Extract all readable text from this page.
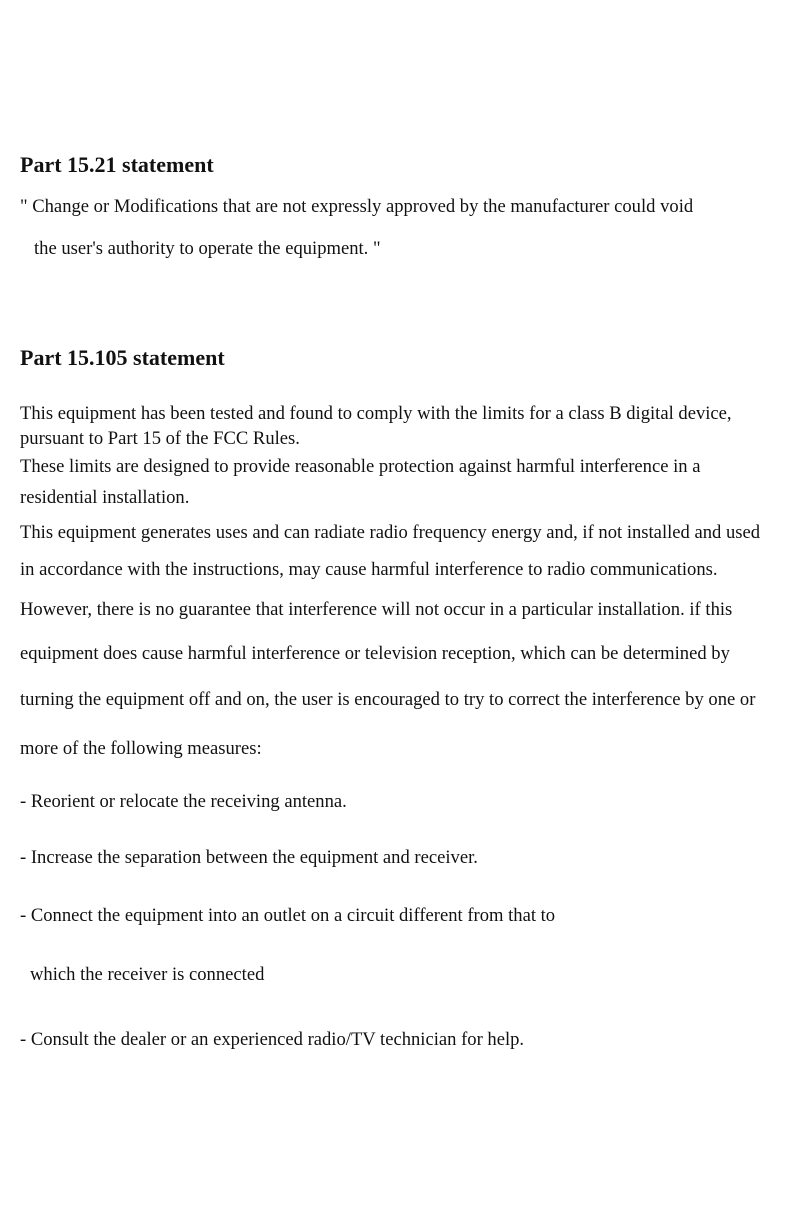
Part 15.21 statement
" Change or Modifications that are not expressly approved by the manufacturer could void
the user's authority to operate the equipment. "
Part 15.105 statement
This equipment has been tested and found to comply with the limits for a class B digital device,
pursuant to Part 15 of the FCC Rules.
These limits are designed to provide reasonable protection against harmful interference in a
residential installation.
This equipment generates uses and can radiate radio frequency energy and, if not installed and used
in accordance with the instructions, may cause harmful interference to radio communications.
However, there is no guarantee that interference will not occur in a particular installation. if this
equipment does cause harmful interference or television reception, which can be determined by
turning the equipment off and on, the user is encouraged to try to correct the interference by one or
more of the following measures:
- Reorient or relocate the receiving antenna.
- Increase the separation between the equipment and receiver.
- Connect the equipment into an outlet on a circuit different from that to
which the receiver is connected
- Consult the dealer or an experienced radio/TV technician for help.
